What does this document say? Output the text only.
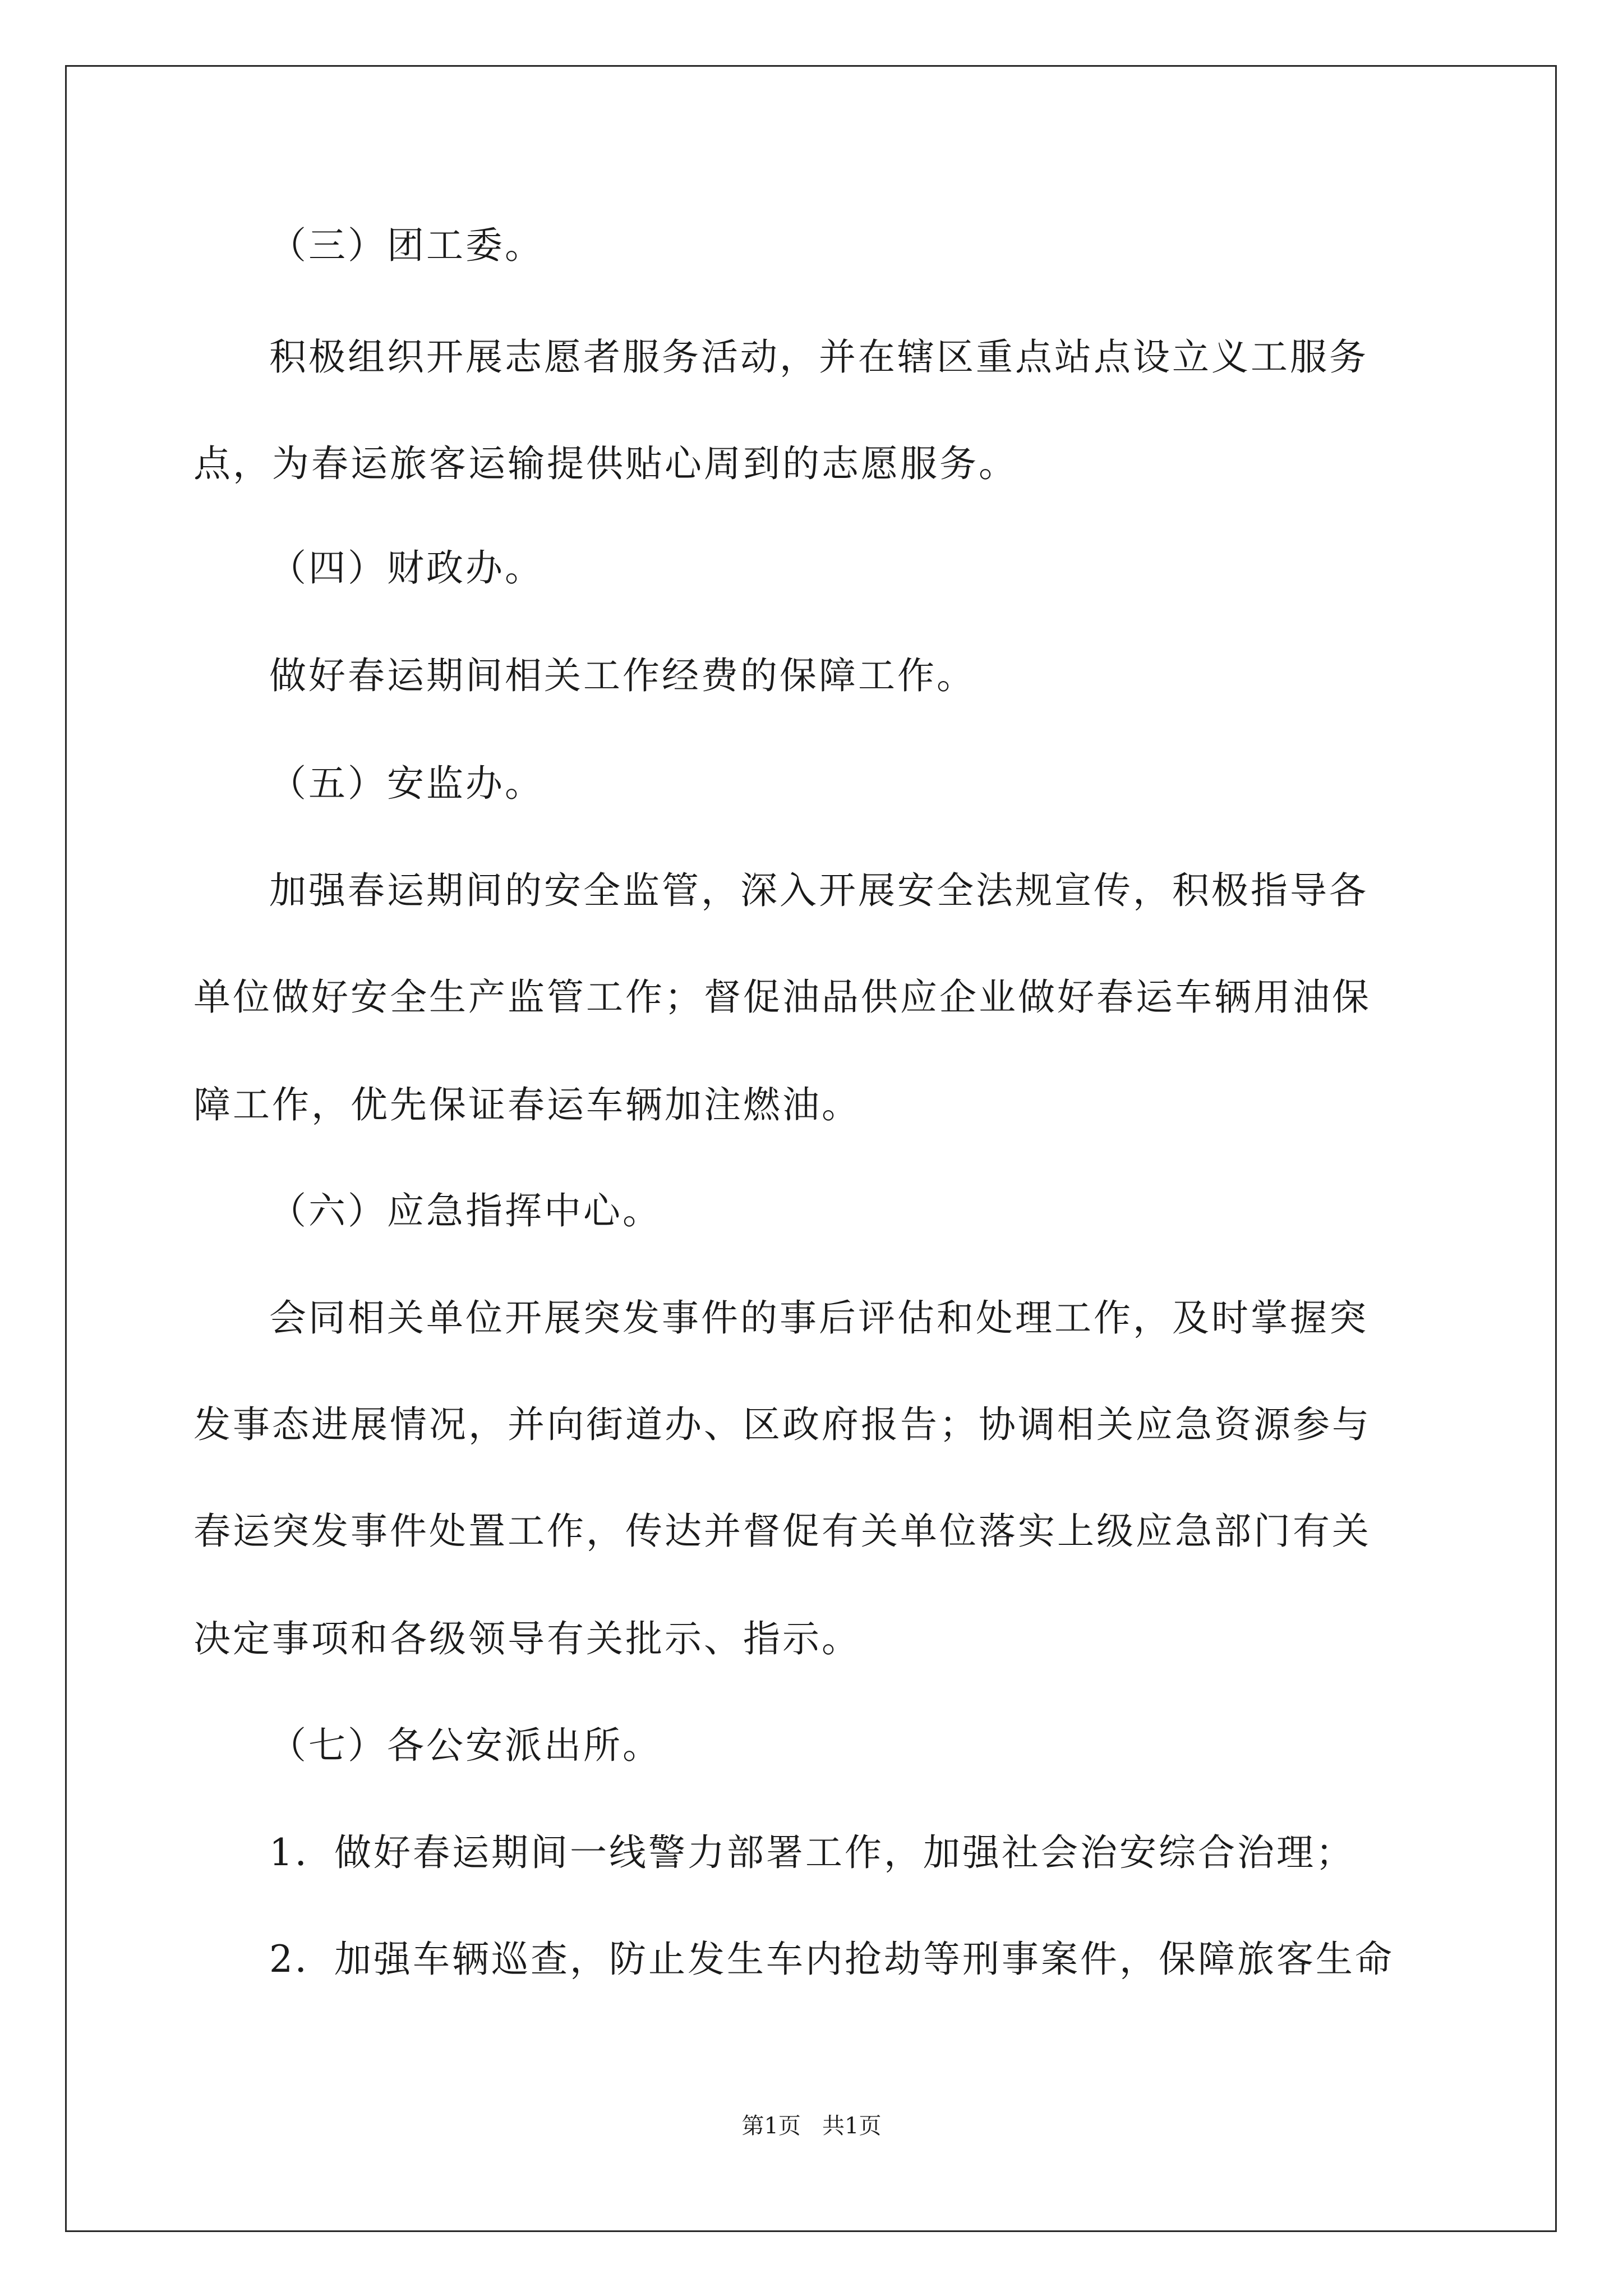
（三）团工委。
积极组织开展志愿者服务活动，并在辖区重点站点设立义工服务
点，为春运旅客运输提供贴心周到的志愿服务。
（四）财政办。
做好春运期间相关工作经费的保障工作。
（五）安监办。
加强春运期间的安全监管，深入开展安全法规宣传，积极指导各
单位做好安全生产监管工作；督促油品供应企业做好春运车辆用油保
障工作，优先保证春运车辆加注燃油。
（六）应急指挥中心。
会同相关单位开展突发事件的事后评估和处理工作，及时掌握突
发事态进展情况，并向街道办、区政府报告；协调相关应急资源参与
春运突发事件处置工作，传达并督促有关单位落实上级应急部门有关
决定事项和各级领导有关批示、指示。
（七）各公安派出所。
1．做好春运期间一线警力部署工作，加强社会治安综合治理；
2．加强车辆巡查，防止发生车内抢劫等刑事案件，保障旅客生命
第1页   共1页
